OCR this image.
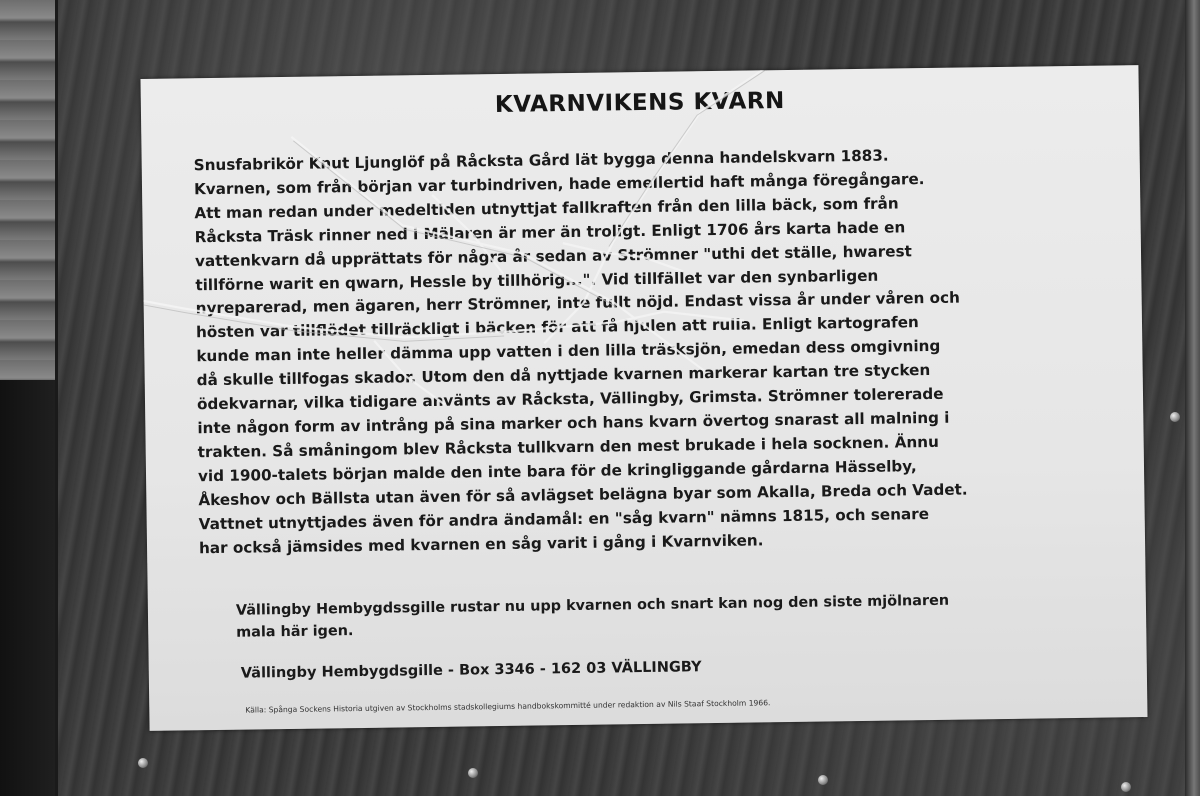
KVARNVIKENS KVARN
Snusfabrikör Knut Ljunglöf på Råcksta Gård lät bygga denna handelskvarn 1883.
Kvarnen, som från början var turbindriven, hade emellertid haft många föregångare.
Att man redan under medeltiden utnyttjat fallkraften från den lilla bäck, som från
Råcksta Träsk rinner ned i Mälaren är mer än troligt. Enligt 1706 års karta hade en
vattenkvarn då upprättats för några år sedan av Strömner "uthi det ställe, hwarest
tillförne warit en qwarn, Hessle by tillhörig...". Vid tillfället var den synbarligen
nyreparerad, men ägaren, herr Strömner, inte fullt nöjd. Endast vissa år under våren och
hösten var tillflödet tillräckligt i bäcken för att få hjulen att rulla. Enligt kartografen
kunde man inte heller dämma upp vatten i den lilla träsksjön, emedan dess omgivning
då skulle tillfogas skador. Utom den då nyttjade kvarnen markerar kartan tre stycken
ödekvarnar, vilka tidigare använts av Råcksta, Vällingby, Grimsta. Strömner tolererade
inte någon form av intrång på sina marker och hans kvarn övertog snarast all malning i
trakten. Så småningom blev Råcksta tullkvarn den mest brukade i hela socknen. Ännu
vid 1900-talets början malde den inte bara för de kringliggande gårdarna Hässelby,
Åkeshov och Bällsta utan även för så avlägset belägna byar som Akalla, Breda och Vadet.
Vattnet utnyttjades även för andra ändamål: en "såg kvarn" nämns 1815, och senare
har också jämsides med kvarnen en såg varit i gång i Kvarnviken.
Vällingby Hembygdssgille rustar nu upp kvarnen och snart kan nog den siste mjölnaren
mala här igen.
Vällingby Hembygdsgille - Box 3346 - 162 03 VÄLLINGBY
Källa: Spånga Sockens Historia utgiven av Stockholms stadskollegiums handbokskommitté under redaktion av Nils Staaf Stockholm 1966.
